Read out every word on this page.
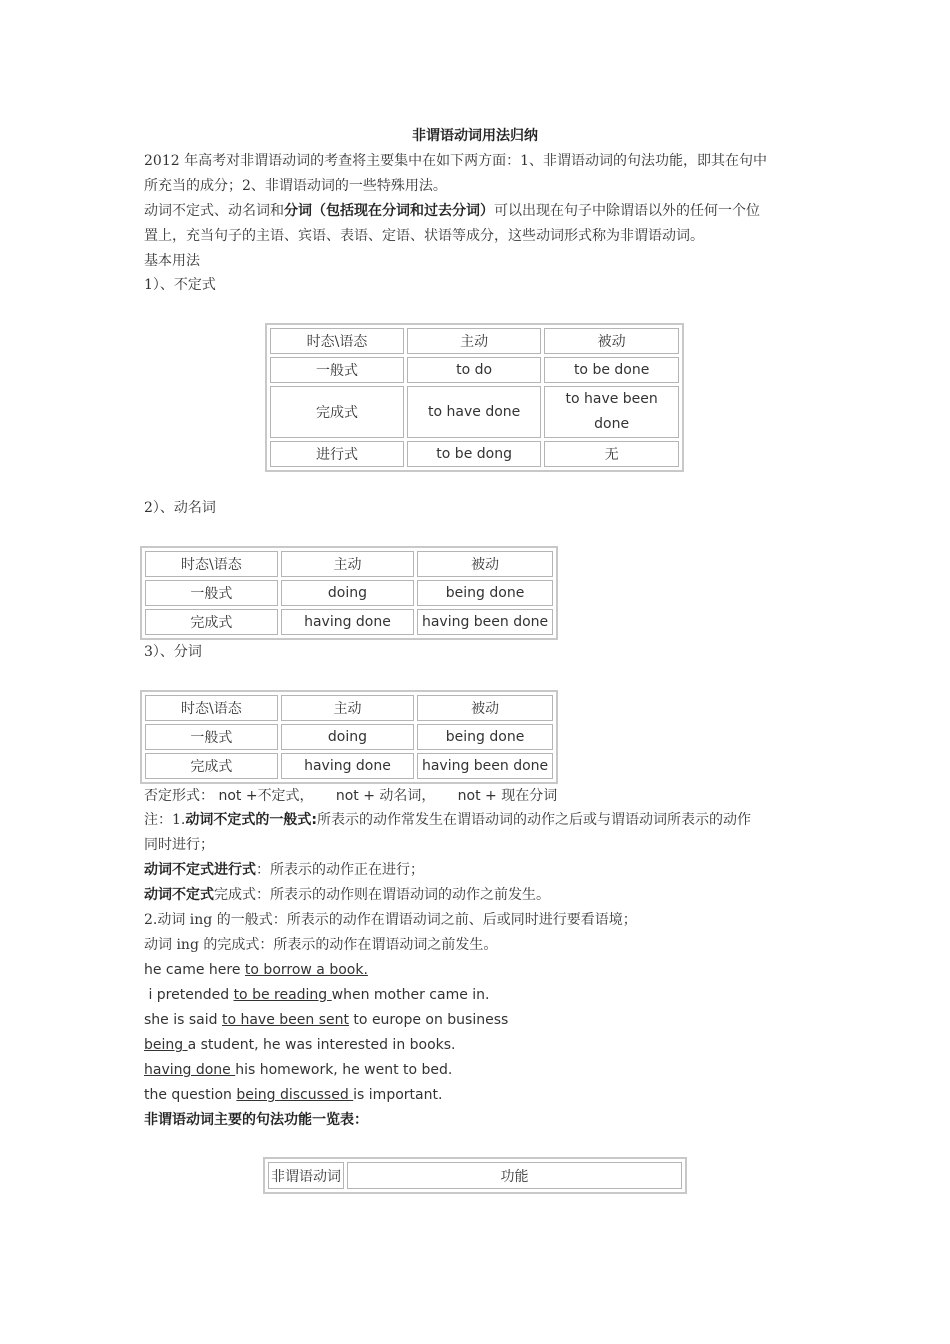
非谓语动词用法归纳
2012 年高考对非谓语动词的考查将主要集中在如下两方面：1、非谓语动词的句法功能，即其在句中
所充当的成分；2、非谓语动词的一些特殊用法。
动词不定式、动名词和分词（包括现在分词和过去分词）可以出现在句子中除谓语以外的任何一个位
置上，充当句子的主语、宾语、表语、定语、状语等成分，这些动词形式称为非谓语动词。
基本用法
1）、不定式
时态\语态	主动	被动
一般式	to do	to be done
完成式	to have done	to have been done
进行式	to be dong	无
2）、动名词
时态\语态	主动	被动
一般式	doing	being done
完成式	having done	having been done
3）、分词
时态\语态	主动	被动
一般式	doing	being done
完成式	having done	having been done
否定形式： not +不定式， not + 动名词， not + 现在分词
注：1.动词不定式的一般式:所表示的动作常发生在谓语动词的动作之后或与谓语动词所表示的动作
同时进行；
动词不定式进行式：所表示的动作正在进行；
动词不定式完成式：所表示的动作则在谓语动词的动作之前发生。
2.动词 ing 的一般式：所表示的动作在谓语动词之前、后或同时进行要看语境；
动词 ing 的完成式：所表示的动作在谓语动词之前发生。
he came here to borrow a book.
i pretended to be reading when mother came in.
she is said to have been sent to europe on business
being a student, he was interested in books.
having done his homework, he went to bed.
the question being discussed is important.
非谓语动词主要的句法功能一览表：
非谓语动词	功能
